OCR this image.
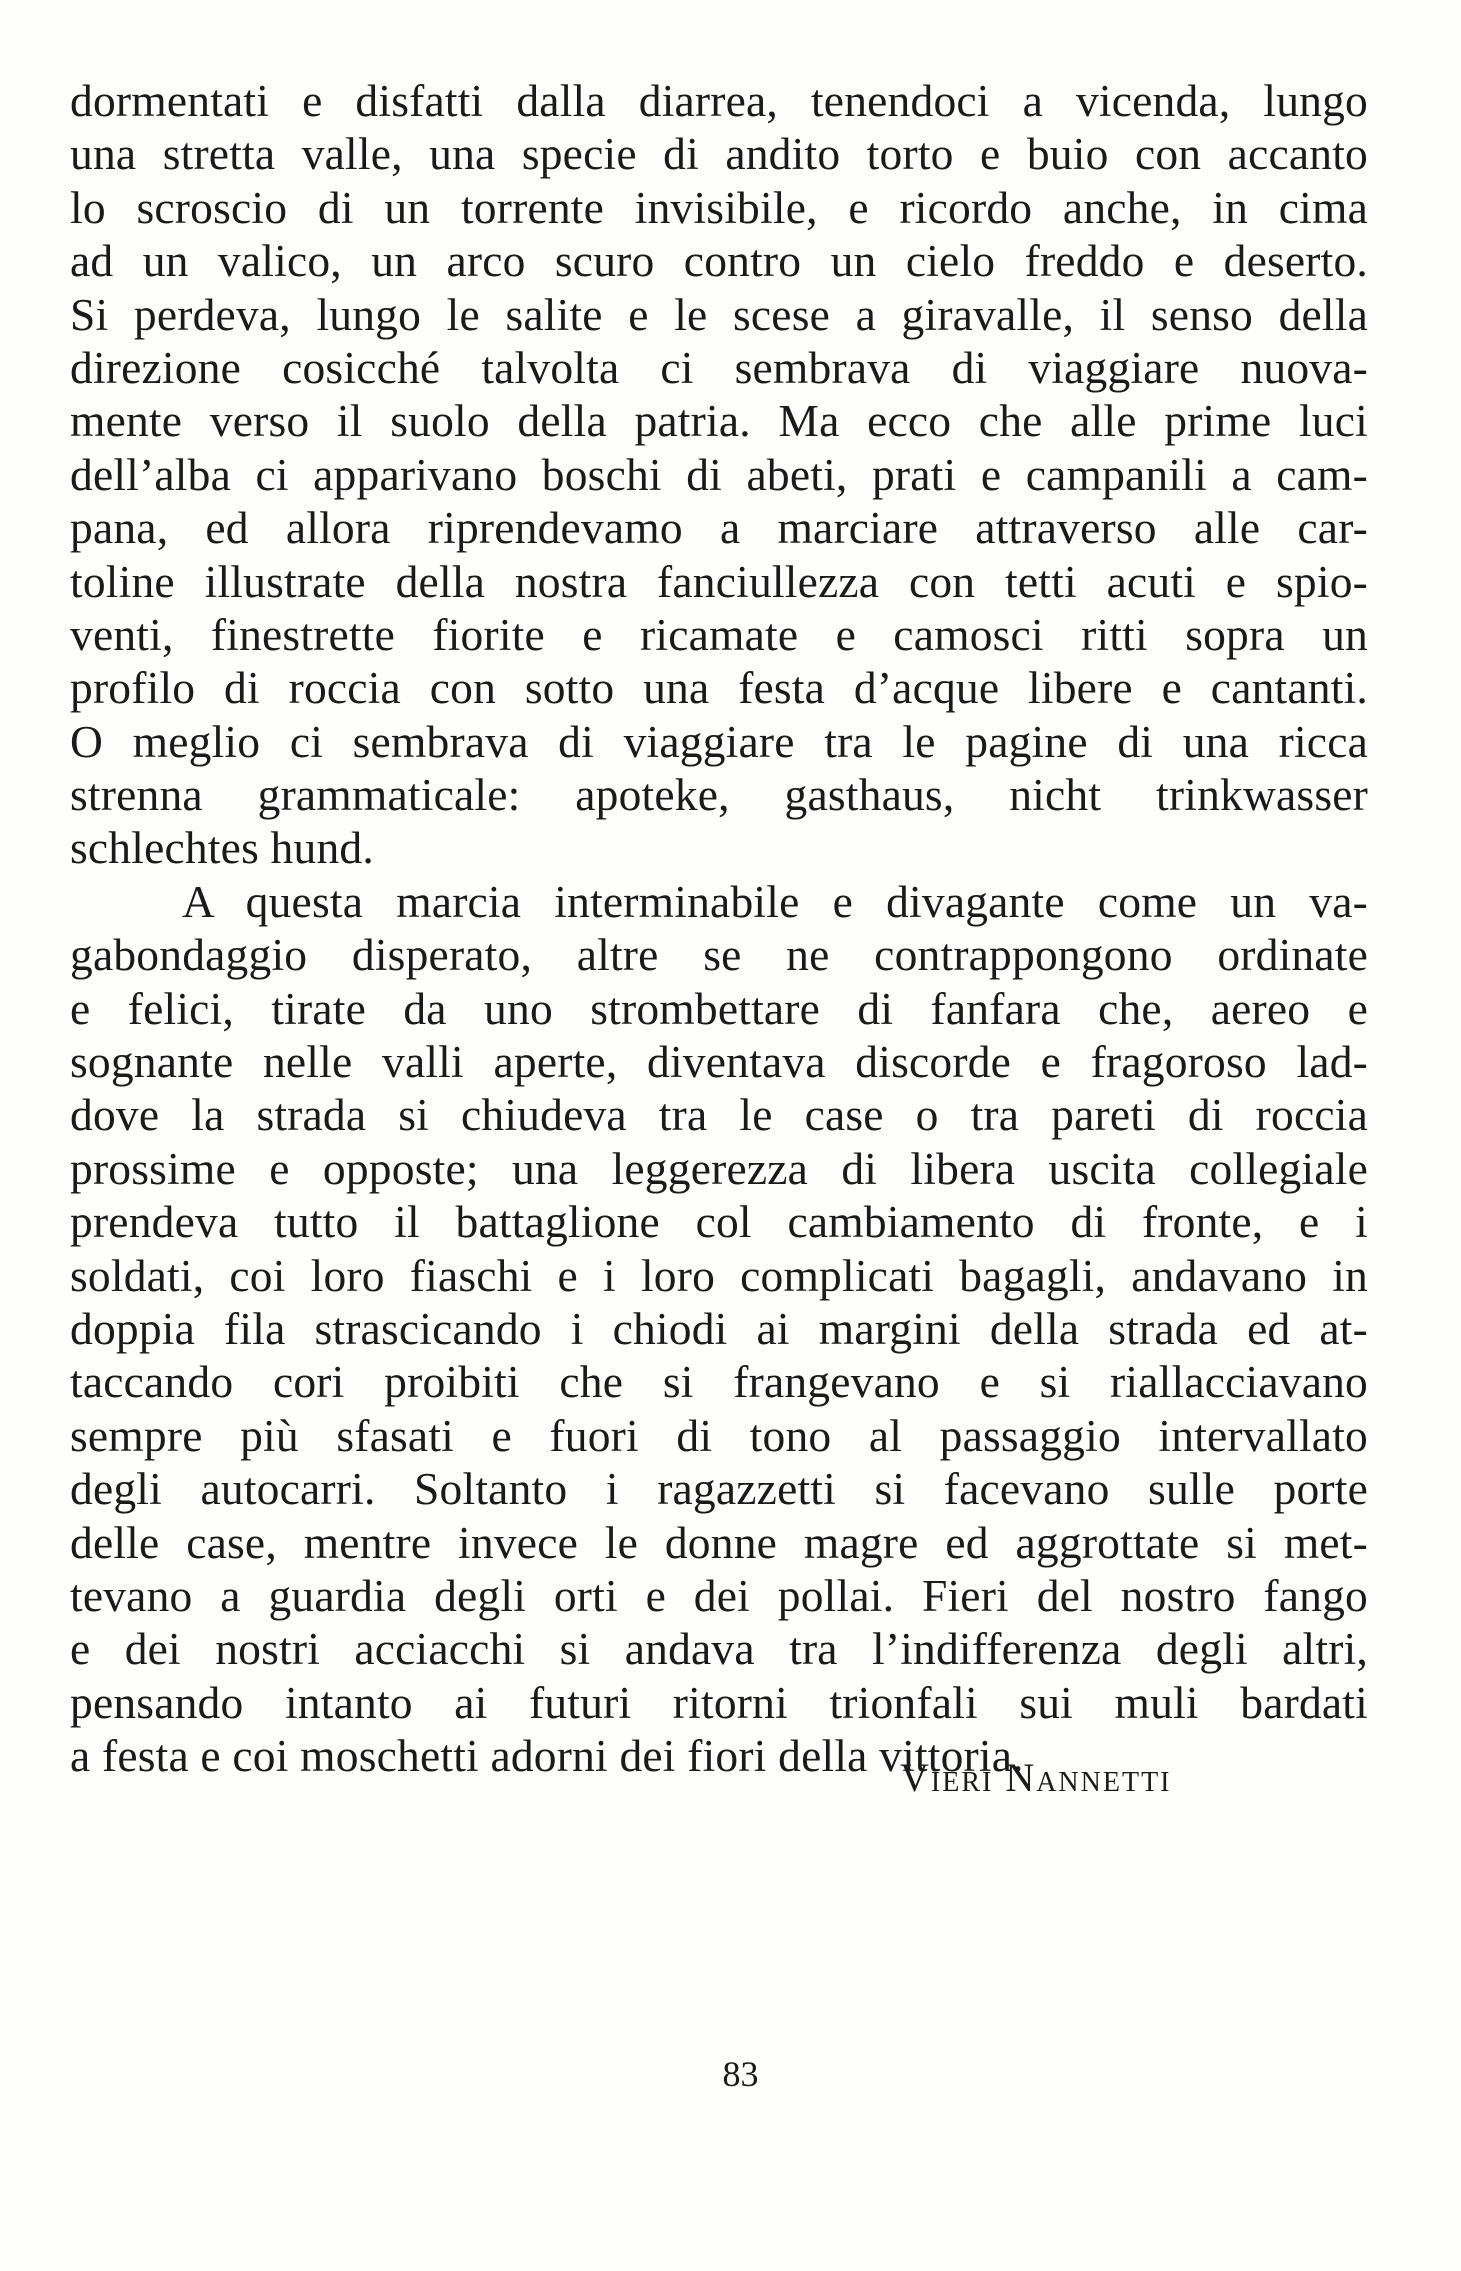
dormentati e disfatti dalla diarrea, tenendoci a vicenda, lungo
una stretta valle, una specie di andito torto e buio con accanto
lo scroscio di un torrente invisibile, e ricordo anche, in cima
ad un valico, un arco scuro contro un cielo freddo e deserto.
Si perdeva, lungo le salite e le scese a giravalle, il senso della
direzione cosicché talvolta ci sembrava di viaggiare nuova-
mente verso il suolo della patria. Ma ecco che alle prime luci
dell’alba ci apparivano boschi di abeti, prati e campanili a cam-
pana, ed allora riprendevamo a marciare attraverso alle car-
toline illustrate della nostra fanciullezza con tetti acuti e spio-
venti, finestrette fiorite e ricamate e camosci ritti sopra un
profilo di roccia con sotto una festa d’acque libere e cantanti.
O meglio ci sembrava di viaggiare tra le pagine di una ricca
strenna grammaticale: apoteke, gasthaus, nicht trinkwasser
schlechtes hund.
A questa marcia interminabile e divagante come un va-
gabondaggio disperato, altre se ne contrappongono ordinate
e felici, tirate da uno strombettare di fanfara che, aereo e
sognante nelle valli aperte, diventava discorde e fragoroso lad-
dove la strada si chiudeva tra le case o tra pareti di roccia
prossime e opposte; una leggerezza di libera uscita collegiale
prendeva tutto il battaglione col cambiamento di fronte, e i
soldati, coi loro fiaschi e i loro complicati bagagli, andavano in
doppia fila strascicando i chiodi ai margini della strada ed at-
taccando cori proibiti che si frangevano e si riallacciavano
sempre più sfasati e fuori di tono al passaggio intervallato
degli autocarri. Soltanto i ragazzetti si facevano sulle porte
delle case, mentre invece le donne magre ed aggrottate si met-
tevano a guardia degli orti e dei pollai. Fieri del nostro fango
e dei nostri acciacchi si andava tra l’indifferenza degli altri,
pensando intanto ai futuri ritorni trionfali sui muli bardati
a festa e coi moschetti adorni dei fiori della vittoria.
Vieri Nannetti
83
